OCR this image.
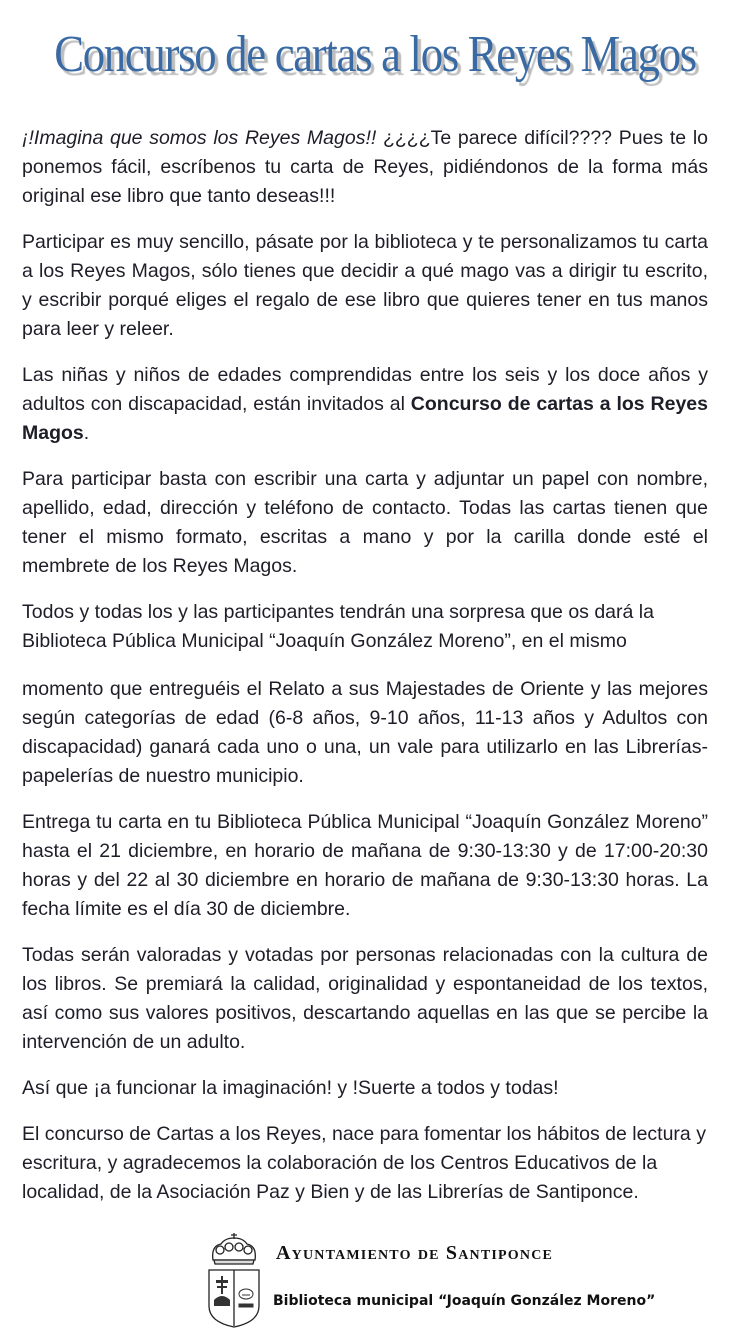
Concurso de cartas a los Reyes Magos

¡!Imagina que somos los Reyes Magos!! ¿¿¿¿Te parece difícil???? Pues te lo ponemos fácil, escríbenos tu carta de Reyes, pidiéndonos de la forma más original ese libro que tanto deseas!!!

Participar es muy sencillo, pásate por la biblioteca y te personalizamos tu carta a los Reyes Magos, sólo tienes que decidir a qué mago vas a dirigir tu escrito, y escribir porqué eliges el regalo de ese libro que quieres tener en tus manos para leer y releer.

Las niñas y niños de edades comprendidas entre los seis y los doce años y adultos con discapacidad, están invitados al Concurso de cartas a los Reyes Magos.

Para participar basta con escribir una carta y adjuntar un papel con nombre, apellido, edad, dirección y teléfono de contacto. Todas las cartas tienen que tener el mismo formato, escritas a mano y por la carilla donde esté el membrete de los Reyes Magos.

Todos y todas los y las participantes tendrán una sorpresa que os dará la Biblioteca Pública Municipal “Joaquín González Moreno”, en el mismo

momento que entreguéis el Relato a sus Majestades de Oriente y las mejores según categorías de edad (6-8 años, 9-10 años, 11-13 años y Adultos con discapacidad) ganará cada uno o una, un vale para utilizarlo en las Librerías-papelerías de nuestro municipio.

Entrega tu carta en tu Biblioteca Pública Municipal “Joaquín González Moreno” hasta el 21 diciembre, en horario de mañana de 9:30-13:30 y de 17:00-20:30 horas y del 22 al 30 diciembre en horario de mañana de 9:30-13:30 horas. La fecha límite es el día 30 de diciembre.

Todas serán valoradas y votadas por personas relacionadas con la cultura de los libros. Se premiará la calidad, originalidad y espontaneidad de los textos, así como sus valores positivos, descartando aquellas en las que se percibe la intervención de un adulto.

Así que ¡a funcionar la imaginación! y !Suerte a todos y todas!

El concurso de Cartas a los Reyes, nace para fomentar los hábitos de lectura y escritura, y agradecemos la colaboración de los Centros Educativos de la localidad, de la Asociación Paz y Bien y de las Librerías de Santiponce.

Ayuntamiento de Santiponce
Biblioteca municipal “Joaquín González Moreno”
